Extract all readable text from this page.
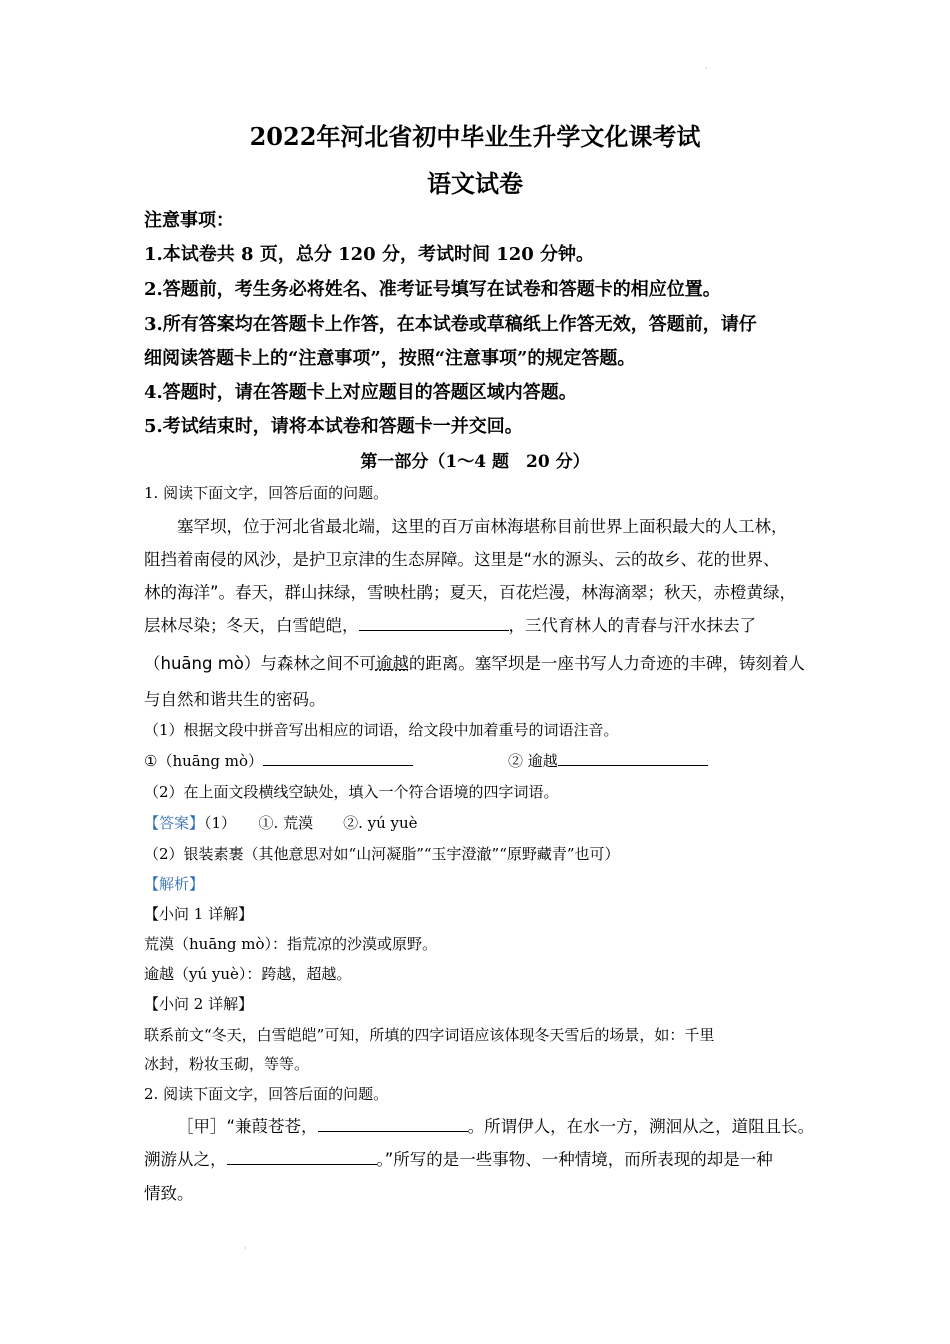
·
2022年河北省初中毕业生升学文化课考试
语文试卷
注意事项：
1.本试卷共 8 页，总分 120 分，考试时间 120 分钟。
2.答题前，考生务必将姓名、准考证号填写在试卷和答题卡的相应位置。
3.所有答案均在答题卡上作答，在本试卷或草稿纸上作答无效，答题前，请仔
细阅读答题卡上的“注意事项”，按照“注意事项”的规定答题。
4.答题时，请在答题卡上对应题目的答题区域内答题。
5.考试结束时，请将本试卷和答题卡一并交回。
第一部分（1～4 题　20 分）
1. 阅读下面文字，回答后面的问题。
塞罕坝，位于河北省最北端，这里的百万亩林海堪称目前世界上面积最大的人工林，
阻挡着南侵的风沙，是护卫京津的生态屏障。这里是“水的源头、云的故乡、花的世界、
林的海洋”。春天，群山抹绿，雪映杜鹃；夏天，百花烂漫，林海滴翠；秋天，赤橙黄绿，
层林尽染；冬天，白雪皑皑，	，三代育林人的青春与汗水抹去了
（huāng mò）与森林之间不可逾越的距离。塞罕坝是一座书写人力奇迹的丰碑，铸刻着人
与自然和谐共生的密码。
（1）根据文段中拼音写出相应的词语，给文段中加着重号的词语注音。
①（huāng mò）	② 逾越
（2）在上面文段横线空缺处，填入一个符合语境的四字词语。
【答案】（1）　　①. 荒漠　　②. yú yuè
（2）银装素裹（其他意思对如“山河凝脂”“玉宇澄澈”“原野藏青”也可）
【解析】
【小问 1 详解】
荒漠（huāng mò）：指荒凉的沙漠或原野。
逾越（yú yuè）：跨越，超越。
【小问 2 详解】
联系前文“冬天，白雪皑皑”可知，所填的四字词语应该体现冬天雪后的场景，如：千里
冰封，粉妆玉砌，等等。
2. 阅读下面文字，回答后面的问题。
［甲］“兼葭苍苍，	。所谓伊人，在水一方，溯洄从之，道阻且长。
溯游从之，	。”所写的是一些事物、一种情境，而所表现的却是一种
情致。
·
